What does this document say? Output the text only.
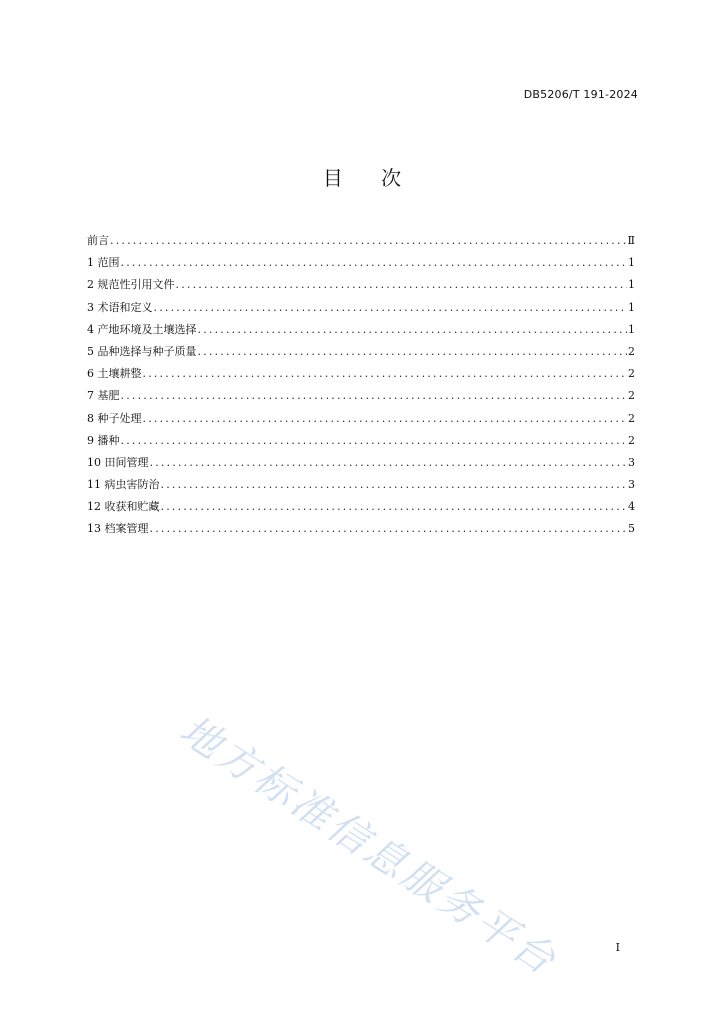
DB5206/T 191-2024
目 次
前言 .....	Ⅱ
1 范围 .....	1
2 规范性引用文件 .....	1
3 术语和定义 .....	1
4 产地环境及土壤选择 .....	1
5 品种选择与种子质量 .....	2
6 土壤耕整 .....	2
7 基肥 .....	2
8 种子处理 .....	2
9 播种 .....	2
10 田间管理 .....	3
11 病虫害防治 .....	3
12 收获和贮藏 .....	4
13 档案管理 .....	5
地方标准信息服务平台	I
